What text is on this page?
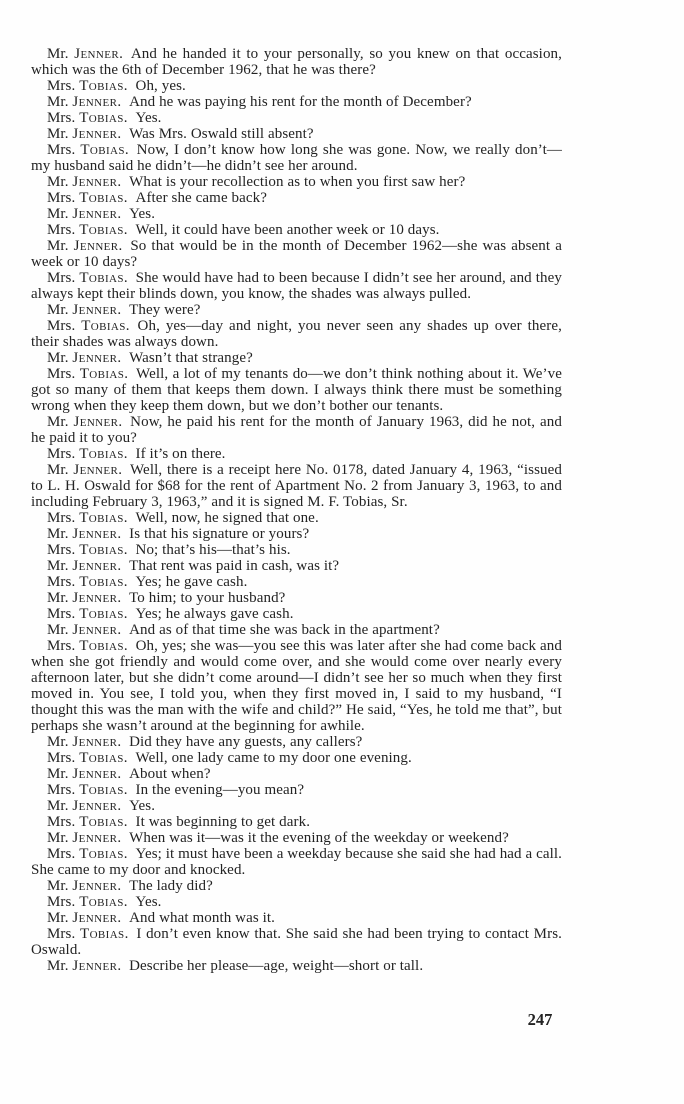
Mr. Jenner.  And he handed it to your personally, so you knew on that occasion, which was the 6th of December 1962, that he was there?

Mrs. Tobias.  Oh, yes.

Mr. Jenner.  And he was paying his rent for the month of December?

Mrs. Tobias.  Yes.

Mr. Jenner.  Was Mrs. Oswald still absent?

Mrs. Tobias.  Now, I don’t know how long she was gone. Now, we really don’t—my husband said he didn’t—he didn’t see her around.

Mr. Jenner.  What is your recollection as to when you first saw her?

Mrs. Tobias.  After she came back?

Mr. Jenner.  Yes.

Mrs. Tobias.  Well, it could have been another week or 10 days.

Mr. Jenner.  So that would be in the month of December 1962—she was absent a week or 10 days?

Mrs. Tobias.  She would have had to been because I didn’t see her around, and they always kept their blinds down, you know, the shades was always pulled.

Mr. Jenner.  They were?

Mrs. Tobias.  Oh, yes—day and night, you never seen any shades up over there, their shades was always down.

Mr. Jenner.  Wasn’t that strange?

Mrs. Tobias.  Well, a lot of my tenants do—we don’t think nothing about it. We’ve got so many of them that keeps them down. I always think there must be something wrong when they keep them down, but we don’t bother our tenants.

Mr. Jenner.  Now, he paid his rent for the month of January 1963, did he not, and he paid it to you?

Mrs. Tobias.  If it’s on there.

Mr. Jenner.  Well, there is a receipt here No. 0178, dated January 4, 1963, “issued to L. H. Oswald for $68 for the rent of Apartment No. 2 from January 3, 1963, to and including February 3, 1963,” and it is signed M. F. Tobias, Sr.

Mrs. Tobias.  Well, now, he signed that one.

Mr. Jenner.  Is that his signature or yours?

Mrs. Tobias.  No; that’s his—that’s his.

Mr. Jenner.  That rent was paid in cash, was it?

Mrs. Tobias.  Yes; he gave cash.

Mr. Jenner.  To him; to your husband?

Mrs. Tobias.  Yes; he always gave cash.

Mr. Jenner.  And as of that time she was back in the apartment?

Mrs. Tobias.  Oh, yes; she was—you see this was later after she had come back and when she got friendly and would come over, and she would come over nearly every afternoon later, but she didn’t come around—I didn’t see her so much when they first moved in. You see, I told you, when they first moved in, I said to my husband, “I thought this was the man with the wife and child?” He said, “Yes, he told me that”, but perhaps she wasn’t around at the beginning for awhile.

Mr. Jenner.  Did they have any guests, any callers?

Mrs. Tobias.  Well, one lady came to my door one evening.

Mr. Jenner.  About when?

Mrs. Tobias.  In the evening—you mean?

Mr. Jenner.  Yes.

Mrs. Tobias.  It was beginning to get dark.

Mr. Jenner.  When was it—was it the evening of the weekday or weekend?

Mrs. Tobias.  Yes; it must have been a weekday because she said she had had a call. She came to my door and knocked.

Mr. Jenner.  The lady did?

Mrs. Tobias.  Yes.

Mr. Jenner.  And what month was it.

Mrs. Tobias.  I don’t even know that. She said she had been trying to contact Mrs. Oswald.

Mr. Jenner.  Describe her please—age, weight—short or tall.

247
